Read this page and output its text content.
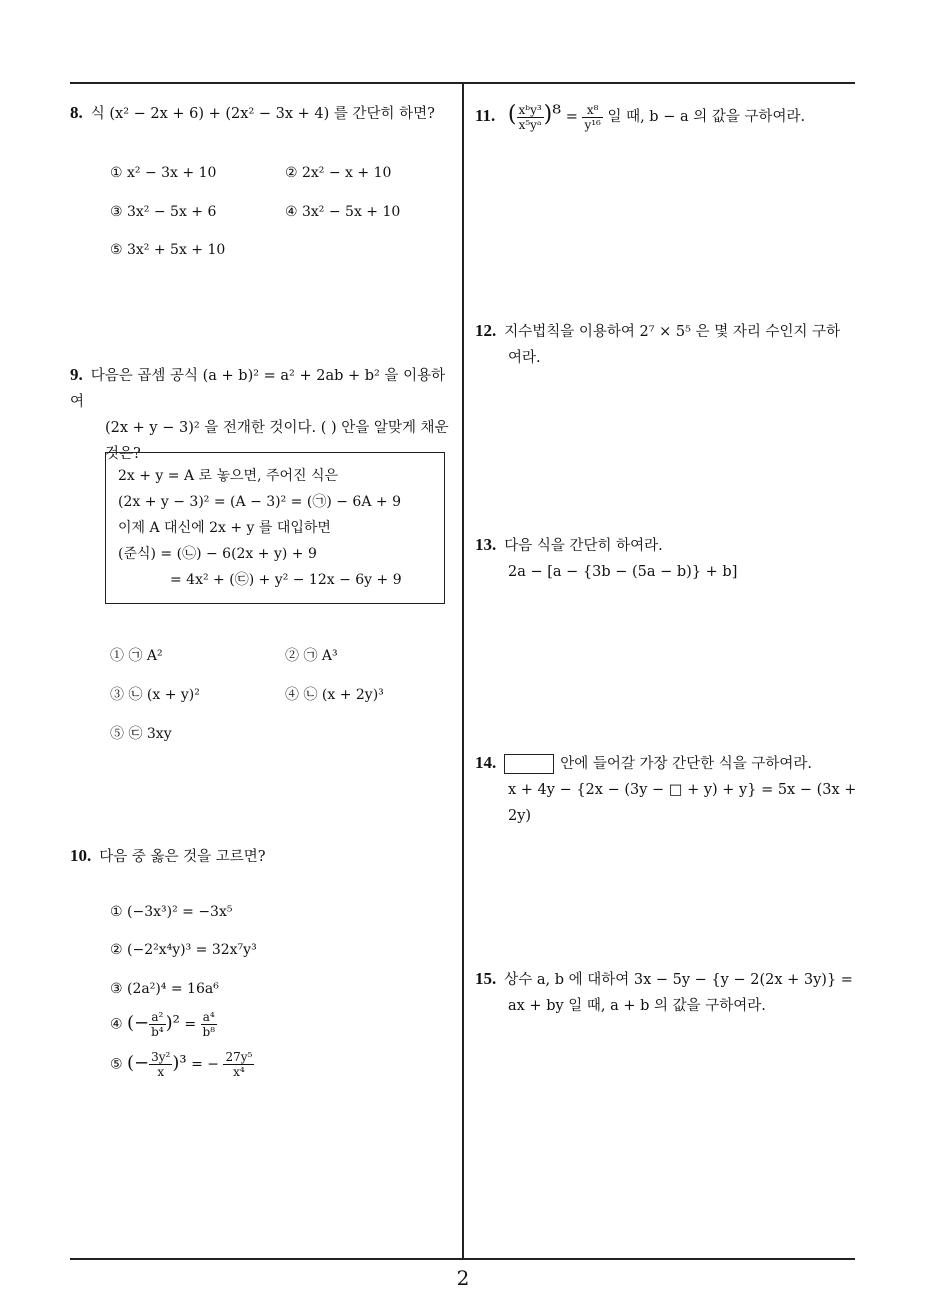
8. 식 (x² − 2x + 6) + (2x² − 3x + 4) 를 간단히 하면?
① x² − 3x + 10	② 2x² − x + 10
③ 3x² − 5x + 6	④ 3x² − 5x + 10
⑤ 3x² + 5x + 10
9. 다음은 곱셈 공식 (a + b)² = a² + 2ab + b² 을 이용하여
(2x + y − 3)² 을 전개한 것이다. ( ) 안을 알맞게 채운
것은?
2x + y = A 로 놓으면, 주어진 식은
(2x + y − 3)² = (A − 3)² = (㉠) − 6A + 9
이제 A 대신에 2x + y 를 대입하면
(준식) = (㉡) − 6(2x + y) + 9
= 4x² + (㉢) + y² − 12x − 6y + 9
① ㉠ A²	② ㉠ A³
③ ㉡ (x + y)²	④ ㉡ (x + 2y)³
⑤ ㉢ 3xy
10. 다음 중 옳은 것을 고르면?
① (−3x³)² = −3x⁵
② (−2²x⁴y)³ = 32x⁷y³
③ (2a²)⁴ = 16a⁶
④ (− $\frac{\text{a²}}{\text{b⁴}} )^2 = \frac{\text{a⁴}}{\text{b⁸}}$
⑤ (− $\frac{\text{3y²}}{x} )^3$ = − $\frac{\text{27y⁵}}{\text{x⁴}}$
11. ( $\frac{\text{xᵇy³}}{\text{x⁵yᵃ}} )^8 = \frac{\text{x⁸}}{\text{y¹⁶}}$ 일 때, b − a 의 값을 구하여라.
12. 지수법칙을 이용하여 2⁷ × 5⁵ 은 몇 자리 수인지 구하
여라.
13. 다음 식을 간단히 하여라.
2a − [a − {3b − (5a − b)} + b]
14.	안에 들어갈 가장 간단한 식을 구하여라.
x + 4y − {2x − (3y − □ + y) + y} = 5x − (3x + 2y)
15. 상수 a, b 에 대하여 3x − 5y − {y − 2(2x + 3y)} =
ax + by 일 때, a + b 의 값을 구하여라.
2
